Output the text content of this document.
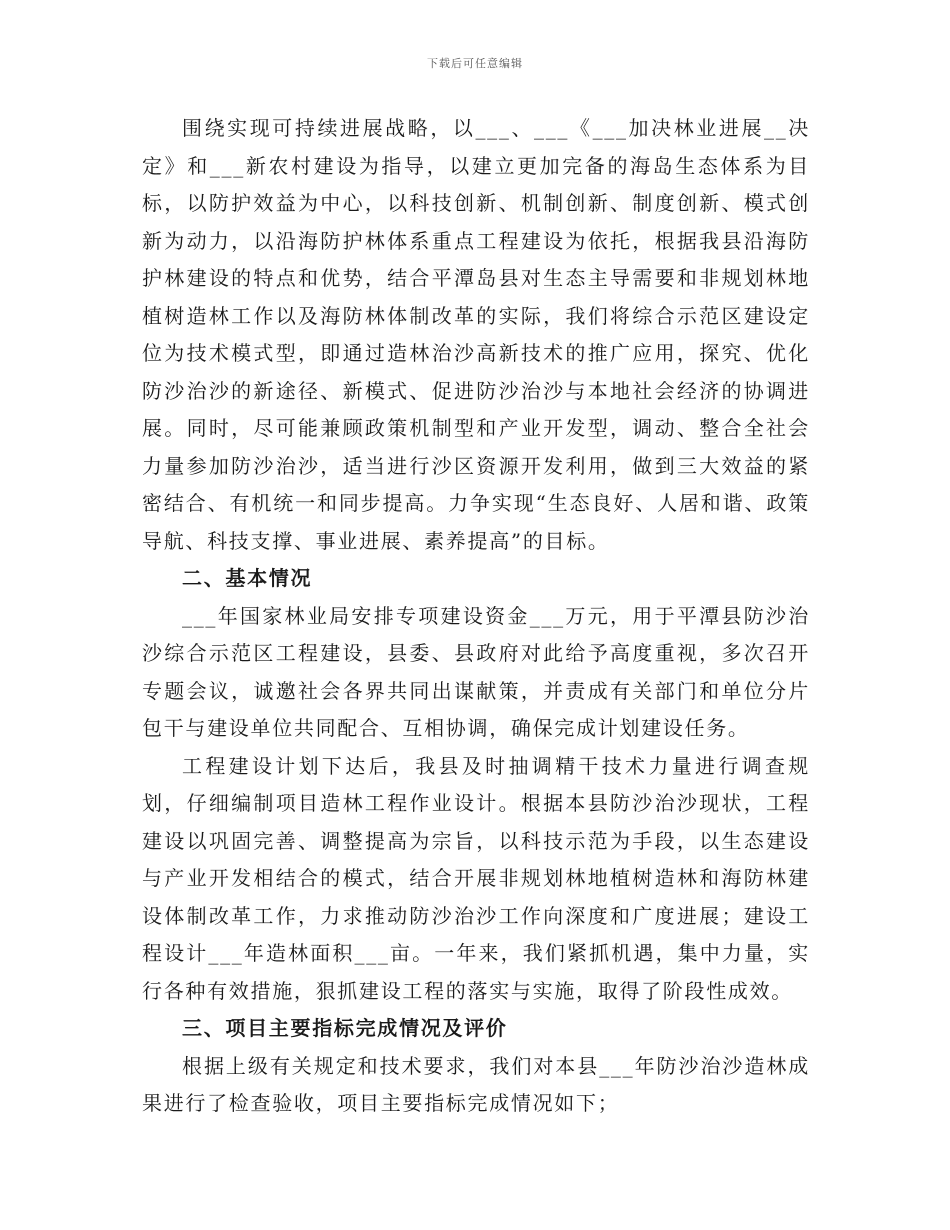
下载后可任意编辑

围绕实现可持续进展战略，以___、___《___加决林业进展__决定》和___新农村建设为指导，以建立更加完备的海岛生态体系为目标，以防护效益为中心，以科技创新、机制创新、制度创新、模式创新为动力，以沿海防护林体系重点工程建设为依托，根据我县沿海防护林建设的特点和优势，结合平潭岛县对生态主导需要和非规划林地植树造林工作以及海防林体制改革的实际，我们将综合示范区建设定位为技术模式型，即通过造林治沙高新技术的推广应用，探究、优化防沙治沙的新途径、新模式、促进防沙治沙与本地社会经济的协调进展。同时，尽可能兼顾政策机制型和产业开发型，调动、整合全社会力量参加防沙治沙，适当进行沙区资源开发利用，做到三大效益的紧密结合、有机统一和同步提高。力争实现“生态良好、人居和谐、政策导航、科技支撑、事业进展、素养提高”的目标。

二、基本情况

___年国家林业局安排专项建设资金___万元，用于平潭县防沙治沙综合示范区工程建设，县委、县政府对此给予高度重视，多次召开专题会议，诚邀社会各界共同出谋献策，并责成有关部门和单位分片包干与建设单位共同配合、互相协调，确保完成计划建设任务。

工程建设计划下达后，我县及时抽调精干技术力量进行调查规划，仔细编制项目造林工程作业设计。根据本县防沙治沙现状，工程建设以巩固完善、调整提高为宗旨，以科技示范为手段，以生态建设与产业开发相结合的模式，结合开展非规划林地植树造林和海防林建设体制改革工作，力求推动防沙治沙工作向深度和广度进展；建设工程设计___年造林面积___亩。一年来，我们紧抓机遇，集中力量，实行各种有效措施，狠抓建设工程的落实与实施，取得了阶段性成效。

三、项目主要指标完成情况及评价

根据上级有关规定和技术要求，我们对本县___年防沙治沙造林成果进行了检查验收，项目主要指标完成情况如下；
